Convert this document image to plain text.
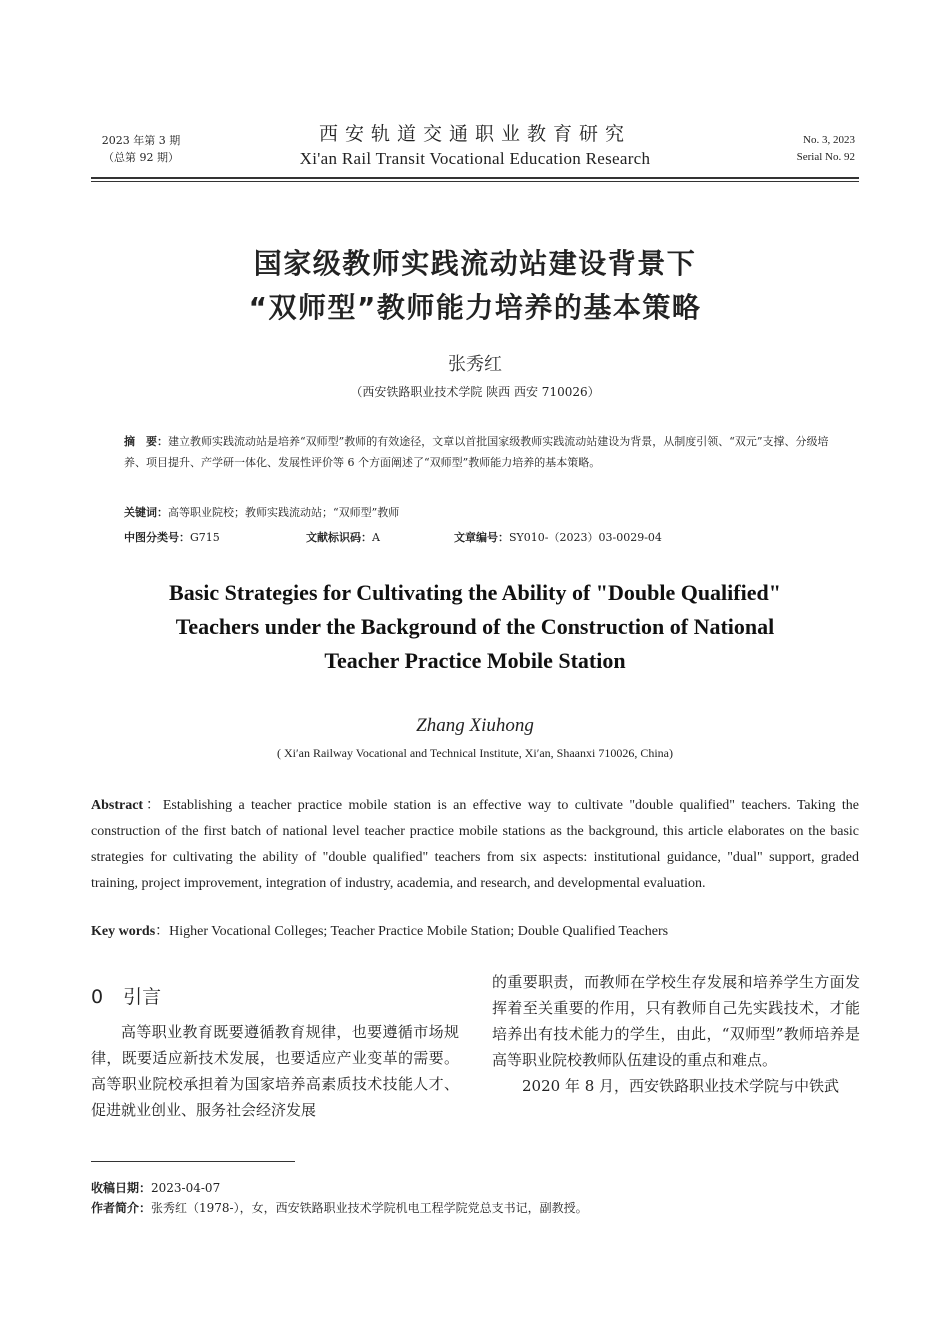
2023 年第 3 期
（总第 92 期）
西安轨道交通职业教育研究
Xi'an Rail Transit Vocational Education Research
No. 3, 2023
Serial No. 92
国家级教师实践流动站建设背景下
“双师型”教师能力培养的基本策略
张秀红
（西安铁路职业技术学院 陕西 西安 710026）
摘　要：建立教师实践流动站是培养“双师型”教师的有效途径，文章以首批国家级教师实践流动站建设为背景，从制度引领、“双元”支撑、分级培养、项目提升、产学研一体化、发展性评价等 6 个方面阐述了“双师型”教师能力培养的基本策略。
关键词：高等职业院校；教师实践流动站；“双师型”教师
中图分类号：G715	文献标识码：A	文章编号：SY010-（2023）03-0029-04
Basic Strategies for Cultivating the Ability of "Double Qualified"
Teachers under the Background of the Construction of National
Teacher Practice Mobile Station
Zhang Xiuhong
( Xi′an Railway Vocational and Technical Institute, Xi′an, Shaanxi 710026, China)
Abstract：Establishing a teacher practice mobile station is an effective way to cultivate "double qualified" teachers. Taking the construction of the first batch of national level teacher practice mobile stations as the background, this article elaborates on the basic strategies for cultivating the ability of "double qualified" teachers from six aspects: institutional guidance, "dual" support, graded training, project improvement, integration of industry, academia, and research, and developmental evaluation.
Key words：Higher Vocational Colleges; Teacher Practice Mobile Station; Double Qualified Teachers
0 引言

高等职业教育既要遵循教育规律，也要遵循市场规律，既要适应新技术发展，也要适应产业变革的需要。高等职业院校承担着为国家培养高素质技术技能人才、促进就业创业、服务社会经济发展

的重要职责，而教师在学校生存发展和培养学生方面发挥着至关重要的作用，只有教师自己先实践技术，才能培养出有技术能力的学生，由此，“双师型”教师培养是高等职业院校教师队伍建设的重点和难点。

2020 年 8 月，西安铁路职业技术学院与中铁武

收稿日期：2023-04-07
作者简介：张秀红（1978-），女，西安铁路职业技术学院机电工程学院党总支书记，副教授。
